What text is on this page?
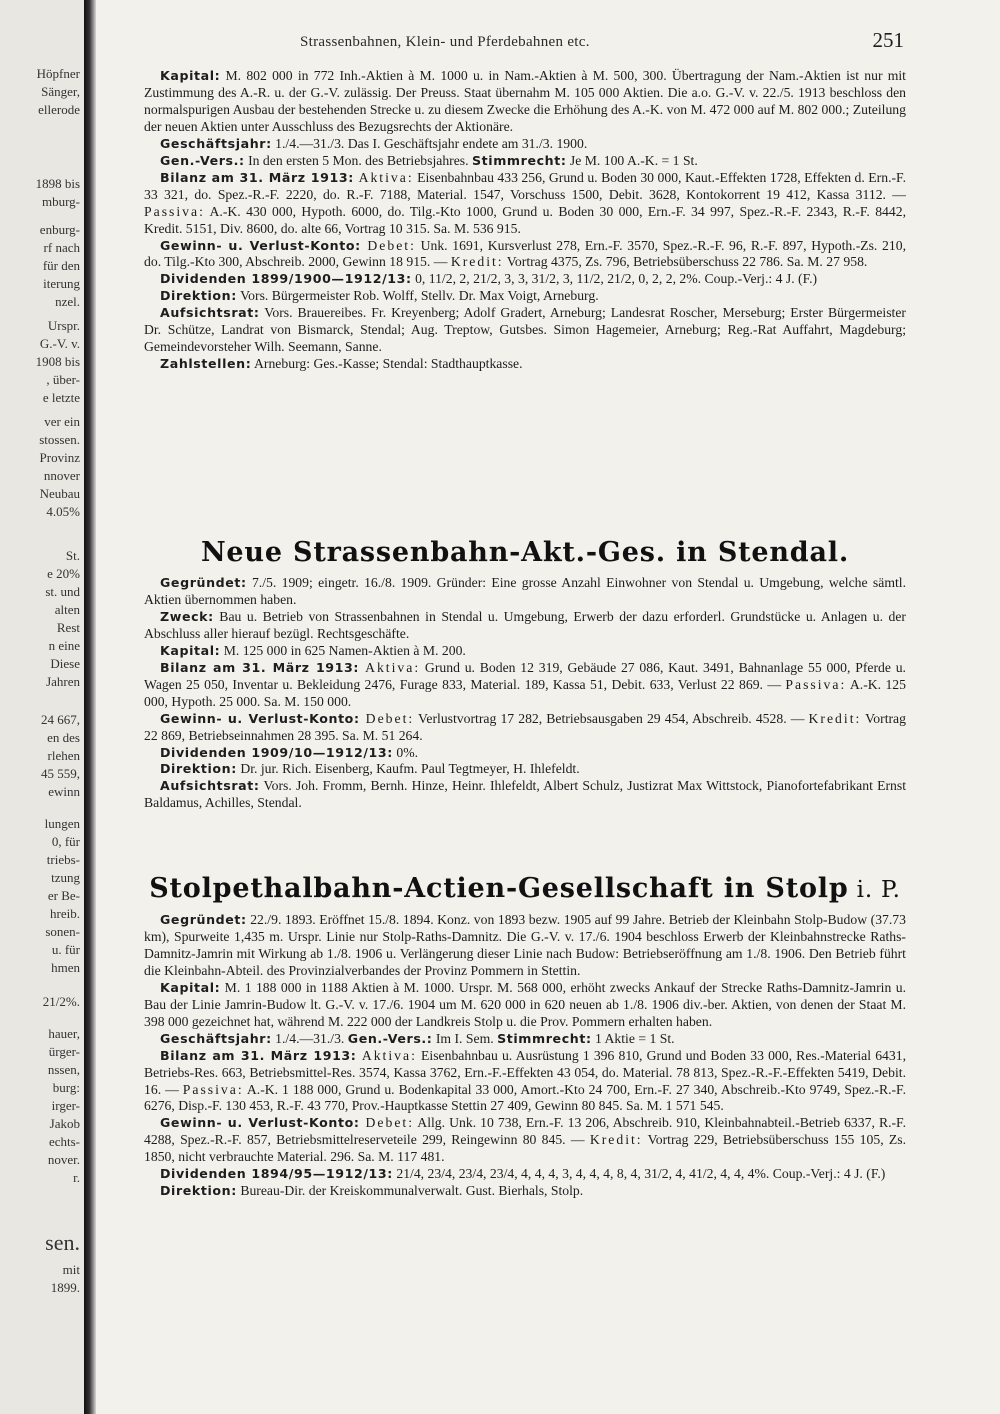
Höpfner
Sänger,
ellerode
1898 bis
mburg-
enburg-
rf nach
für den
iterung
nzel.
Urspr.
G.-V. v.
1908 bis
, über-
e letzte
ver ein
stossen.
Provinz
nnover
Neubau
4.05%
St.
e 20%
st. und
alten
Rest
n eine
Diese
Jahren
24 667,
en des
rlehen
45 559,
ewinn
lungen
0, für
triebs-
tzung
er Be-
hreib.
sonen-
u. für
hmen
21/2%.
hauer,
ürger-
nssen,
burg:
irger-
Jakob
echts-
nover.
r.
sen.
mit
1899.
Strassenbahnen, Klein- und Pferdebahnen etc.	251

Kapital: M. 802 000 in 772 Inh.-Aktien à M. 1000 u. in Nam.-Aktien à M. 500, 300. Übertragung der Nam.-Aktien ist nur mit Zustimmung des A.-R. u. der G.-V. zulässig. Der Preuss. Staat übernahm M. 105 000 Aktien. Die a.o. G.-V. v. 22./5. 1913 beschloss den normalspurigen Ausbau der bestehenden Strecke u. zu diesem Zwecke die Erhöhung des A.-K. von M. 472 000 auf M. 802 000.; Zuteilung der neuen Aktien unter Ausschluss des Bezugsrechts der Aktionäre.

Geschäftsjahr: 1./4.—31./3. Das I. Geschäftsjahr endete am 31./3. 1900.

Gen.-Vers.: In den ersten 5 Mon. des Betriebsjahres. Stimmrecht: Je M. 100 A.-K. = 1 St.

Bilanz am 31. März 1913: Aktiva: Eisenbahnbau 433 256, Grund u. Boden 30 000, Kaut.-Effekten 1728, Effekten d. Ern.-F. 33 321, do. Spez.-R.-F. 2220, do. R.-F. 7188, Material. 1547, Vorschuss 1500, Debit. 3628, Kontokorrent 19 412, Kassa 3112. — Passiva: A.-K. 430 000, Hypoth. 6000, do. Tilg.-Kto 1000, Grund u. Boden 30 000, Ern.-F. 34 997, Spez.-R.-F. 2343, R.-F. 8442, Kredit. 5151, Div. 8600, do. alte 66, Vortrag 10 315. Sa. M. 536 915.

Gewinn- u. Verlust-Konto: Debet: Unk. 1691, Kursverlust 278, Ern.-F. 3570, Spez.-R.-F. 96, R.-F. 897, Hypoth.-Zs. 210, do. Tilg.-Kto 300, Abschreib. 2000, Gewinn 18 915. — Kredit: Vortrag 4375, Zs. 796, Betriebsüberschuss 22 786. Sa. M. 27 958.

Dividenden 1899/1900—1912/13: 0, 11/2, 2, 21/2, 3, 3, 31/2, 3, 11/2, 21/2, 0, 2, 2, 2%. Coup.-Verj.: 4 J. (F.)

Direktion: Vors. Bürgermeister Rob. Wolff, Stellv. Dr. Max Voigt, Arneburg.

Aufsichtsrat: Vors. Brauereibes. Fr. Kreyenberg; Adolf Gradert, Arneburg; Landesrat Roscher, Merseburg; Erster Bürgermeister Dr. Schütze, Landrat von Bismarck, Stendal; Aug. Treptow, Gutsbes. Simon Hagemeier, Arneburg; Reg.-Rat Auffahrt, Magdeburg; Gemeindevorsteher Wilh. Seemann, Sanne.

Zahlstellen: Arneburg: Ges.-Kasse; Stendal: Stadthauptkasse.

Neue Strassenbahn-Akt.-Ges. in Stendal.

Gegründet: 7./5. 1909; eingetr. 16./8. 1909. Gründer: Eine grosse Anzahl Einwohner von Stendal u. Umgebung, welche sämtl. Aktien übernommen haben.

Zweck: Bau u. Betrieb von Strassenbahnen in Stendal u. Umgebung, Erwerb der dazu erforderl. Grundstücke u. Anlagen u. der Abschluss aller hierauf bezügl. Rechtsgeschäfte.

Kapital: M. 125 000 in 625 Namen-Aktien à M. 200.

Bilanz am 31. März 1913: Aktiva: Grund u. Boden 12 319, Gebäude 27 086, Kaut. 3491, Bahnanlage 55 000, Pferde u. Wagen 25 050, Inventar u. Bekleidung 2476, Furage 833, Material. 189, Kassa 51, Debit. 633, Verlust 22 869. — Passiva: A.-K. 125 000, Hypoth. 25 000. Sa. M. 150 000.

Gewinn- u. Verlust-Konto: Debet: Verlustvortrag 17 282, Betriebsausgaben 29 454, Abschreib. 4528. — Kredit: Vortrag 22 869, Betriebseinnahmen 28 395. Sa. M. 51 264.

Dividenden 1909/10—1912/13: 0%.

Direktion: Dr. jur. Rich. Eisenberg, Kaufm. Paul Tegtmeyer, H. Ihlefeldt.

Aufsichtsrat: Vors. Joh. Fromm, Bernh. Hinze, Heinr. Ihlefeldt, Albert Schulz, Justizrat Max Wittstock, Pianofortefabrikant Ernst Baldamus, Achilles, Stendal.

Stolpethalbahn-Actien-Gesellschaft in Stolp i. P.

Gegründet: 22./9. 1893. Eröffnet 15./8. 1894. Konz. von 1893 bezw. 1905 auf 99 Jahre. Betrieb der Kleinbahn Stolp-Budow (37.73 km), Spurweite 1,435 m. Urspr. Linie nur Stolp-Raths-Damnitz. Die G.-V. v. 17./6. 1904 beschloss Erwerb der Kleinbahnstrecke Raths-Damnitz-Jamrin mit Wirkung ab 1./8. 1906 u. Verlängerung dieser Linie nach Budow: Betriebseröffnung am 1./8. 1906. Den Betrieb führt die Kleinbahn-Abteil. des Provinzialverbandes der Provinz Pommern in Stettin.

Kapital: M. 1 188 000 in 1188 Aktien à M. 1000. Urspr. M. 568 000, erhöht zwecks Ankauf der Strecke Raths-Damnitz-Jamrin u. Bau der Linie Jamrin-Budow lt. G.-V. v. 17./6. 1904 um M. 620 000 in 620 neuen ab 1./8. 1906 div.-ber. Aktien, von denen der Staat M. 398 000 gezeichnet hat, während M. 222 000 der Landkreis Stolp u. die Prov. Pommern erhalten haben.

Geschäftsjahr: 1./4.—31./3. Gen.-Vers.: Im I. Sem. Stimmrecht: 1 Aktie = 1 St.

Bilanz am 31. März 1913: Aktiva: Eisenbahnbau u. Ausrüstung 1 396 810, Grund und Boden 33 000, Res.-Material 6431, Betriebs-Res. 663, Betriebsmittel-Res. 3574, Kassa 3762, Ern.-F.-Effekten 43 054, do. Material. 78 813, Spez.-R.-F.-Effekten 5419, Debit. 16. — Passiva: A.-K. 1 188 000, Grund u. Bodenkapital 33 000, Amort.-Kto 24 700, Ern.-F. 27 340, Abschreib.-Kto 9749, Spez.-R.-F. 6276, Disp.-F. 130 453, R.-F. 43 770, Prov.-Hauptkasse Stettin 27 409, Gewinn 80 845. Sa. M. 1 571 545.

Gewinn- u. Verlust-Konto: Debet: Allg. Unk. 10 738, Ern.-F. 13 206, Abschreib. 910, Kleinbahnabteil.-Betrieb 6337, R.-F. 4288, Spez.-R.-F. 857, Betriebsmittelreserveteile 299, Reingewinn 80 845. — Kredit: Vortrag 229, Betriebsüberschuss 155 105, Zs. 1850, nicht verbrauchte Material. 296. Sa. M. 117 481.

Dividenden 1894/95—1912/13: 21/4, 23/4, 23/4, 23/4, 4, 4, 4, 3, 4, 4, 4, 8, 4, 31/2, 4, 41/2, 4, 4, 4%. Coup.-Verj.: 4 J. (F.)

Direktion: Bureau-Dir. der Kreiskommunalverwalt. Gust. Bierhals, Stolp.
